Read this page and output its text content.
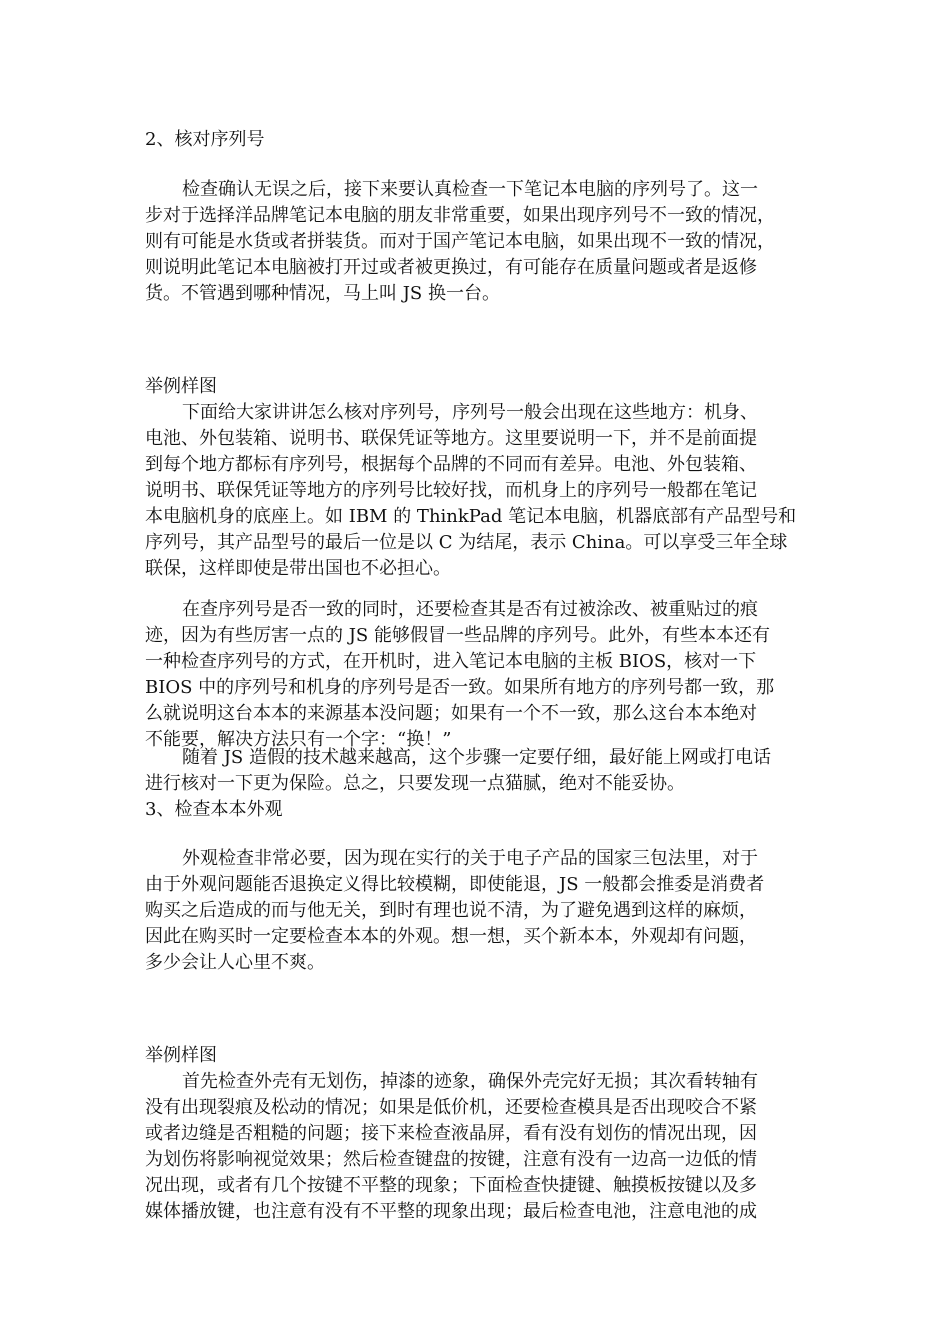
2、核对序列号

检查确认无误之后，接下来要认真检查一下笔记本电脑的序列号了。这一
步对于选择洋品牌笔记本电脑的朋友非常重要，如果出现序列号不一致的情况，
则有可能是水货或者拼装货。而对于国产笔记本电脑，如果出现不一致的情况，
则说明此笔记本电脑被打开过或者被更换过，有可能存在质量问题或者是返修
货。不管遇到哪种情况，马上叫 JS 换一台。

举例样图

下面给大家讲讲怎么核对序列号，序列号一般会出现在这些地方：机身、
电池、外包装箱、说明书、联保凭证等地方。这里要说明一下，并不是前面提
到每个地方都标有序列号，根据每个品牌的不同而有差异。电池、外包装箱、
说明书、联保凭证等地方的序列号比较好找，而机身上的序列号一般都在笔记
本电脑机身的底座上。如 IBM 的 ThinkPad 笔记本电脑，机器底部有产品型号和
序列号，其产品型号的最后一位是以 C 为结尾，表示 China。可以享受三年全球
联保，这样即使是带出国也不必担心。
在查序列号是否一致的同时，还要检查其是否有过被涂改、被重贴过的痕
迹，因为有些厉害一点的 JS 能够假冒一些品牌的序列号。此外，有些本本还有
一种检查序列号的方式，在开机时，进入笔记本电脑的主板 BIOS，核对一下
BIOS 中的序列号和机身的序列号是否一致。如果所有地方的序列号都一致，那
么就说明这台本本的来源基本没问题；如果有一个不一致，那么这台本本绝对
不能要，解决方法只有一个字：“换！”
随着 JS 造假的技术越来越高，这个步骤一定要仔细，最好能上网或打电话
进行核对一下更为保险。总之，只要发现一点猫腻，绝对不能妥协。

3、检查本本外观

外观检查非常必要，因为现在实行的关于电子产品的国家三包法里，对于
由于外观问题能否退换定义得比较模糊，即使能退，JS 一般都会推委是消费者
购买之后造成的而与他无关，到时有理也说不清，为了避免遇到这样的麻烦，
因此在购买时一定要检查本本的外观。想一想，买个新本本，外观却有问题，
多少会让人心里不爽。

举例样图

首先检查外壳有无划伤，掉漆的迹象，确保外壳完好无损；其次看转轴有
没有出现裂痕及松动的情况；如果是低价机，还要检查模具是否出现咬合不紧
或者边缝是否粗糙的问题；接下来检查液晶屏，看有没有划伤的情况出现，因
为划伤将影响视觉效果；然后检查键盘的按键，注意有没有一边高一边低的情
况出现，或者有几个按键不平整的现象；下面检查快捷键、触摸板按键以及多
媒体播放键，也注意有没有不平整的现象出现；最后检查电池，注意电池的成
